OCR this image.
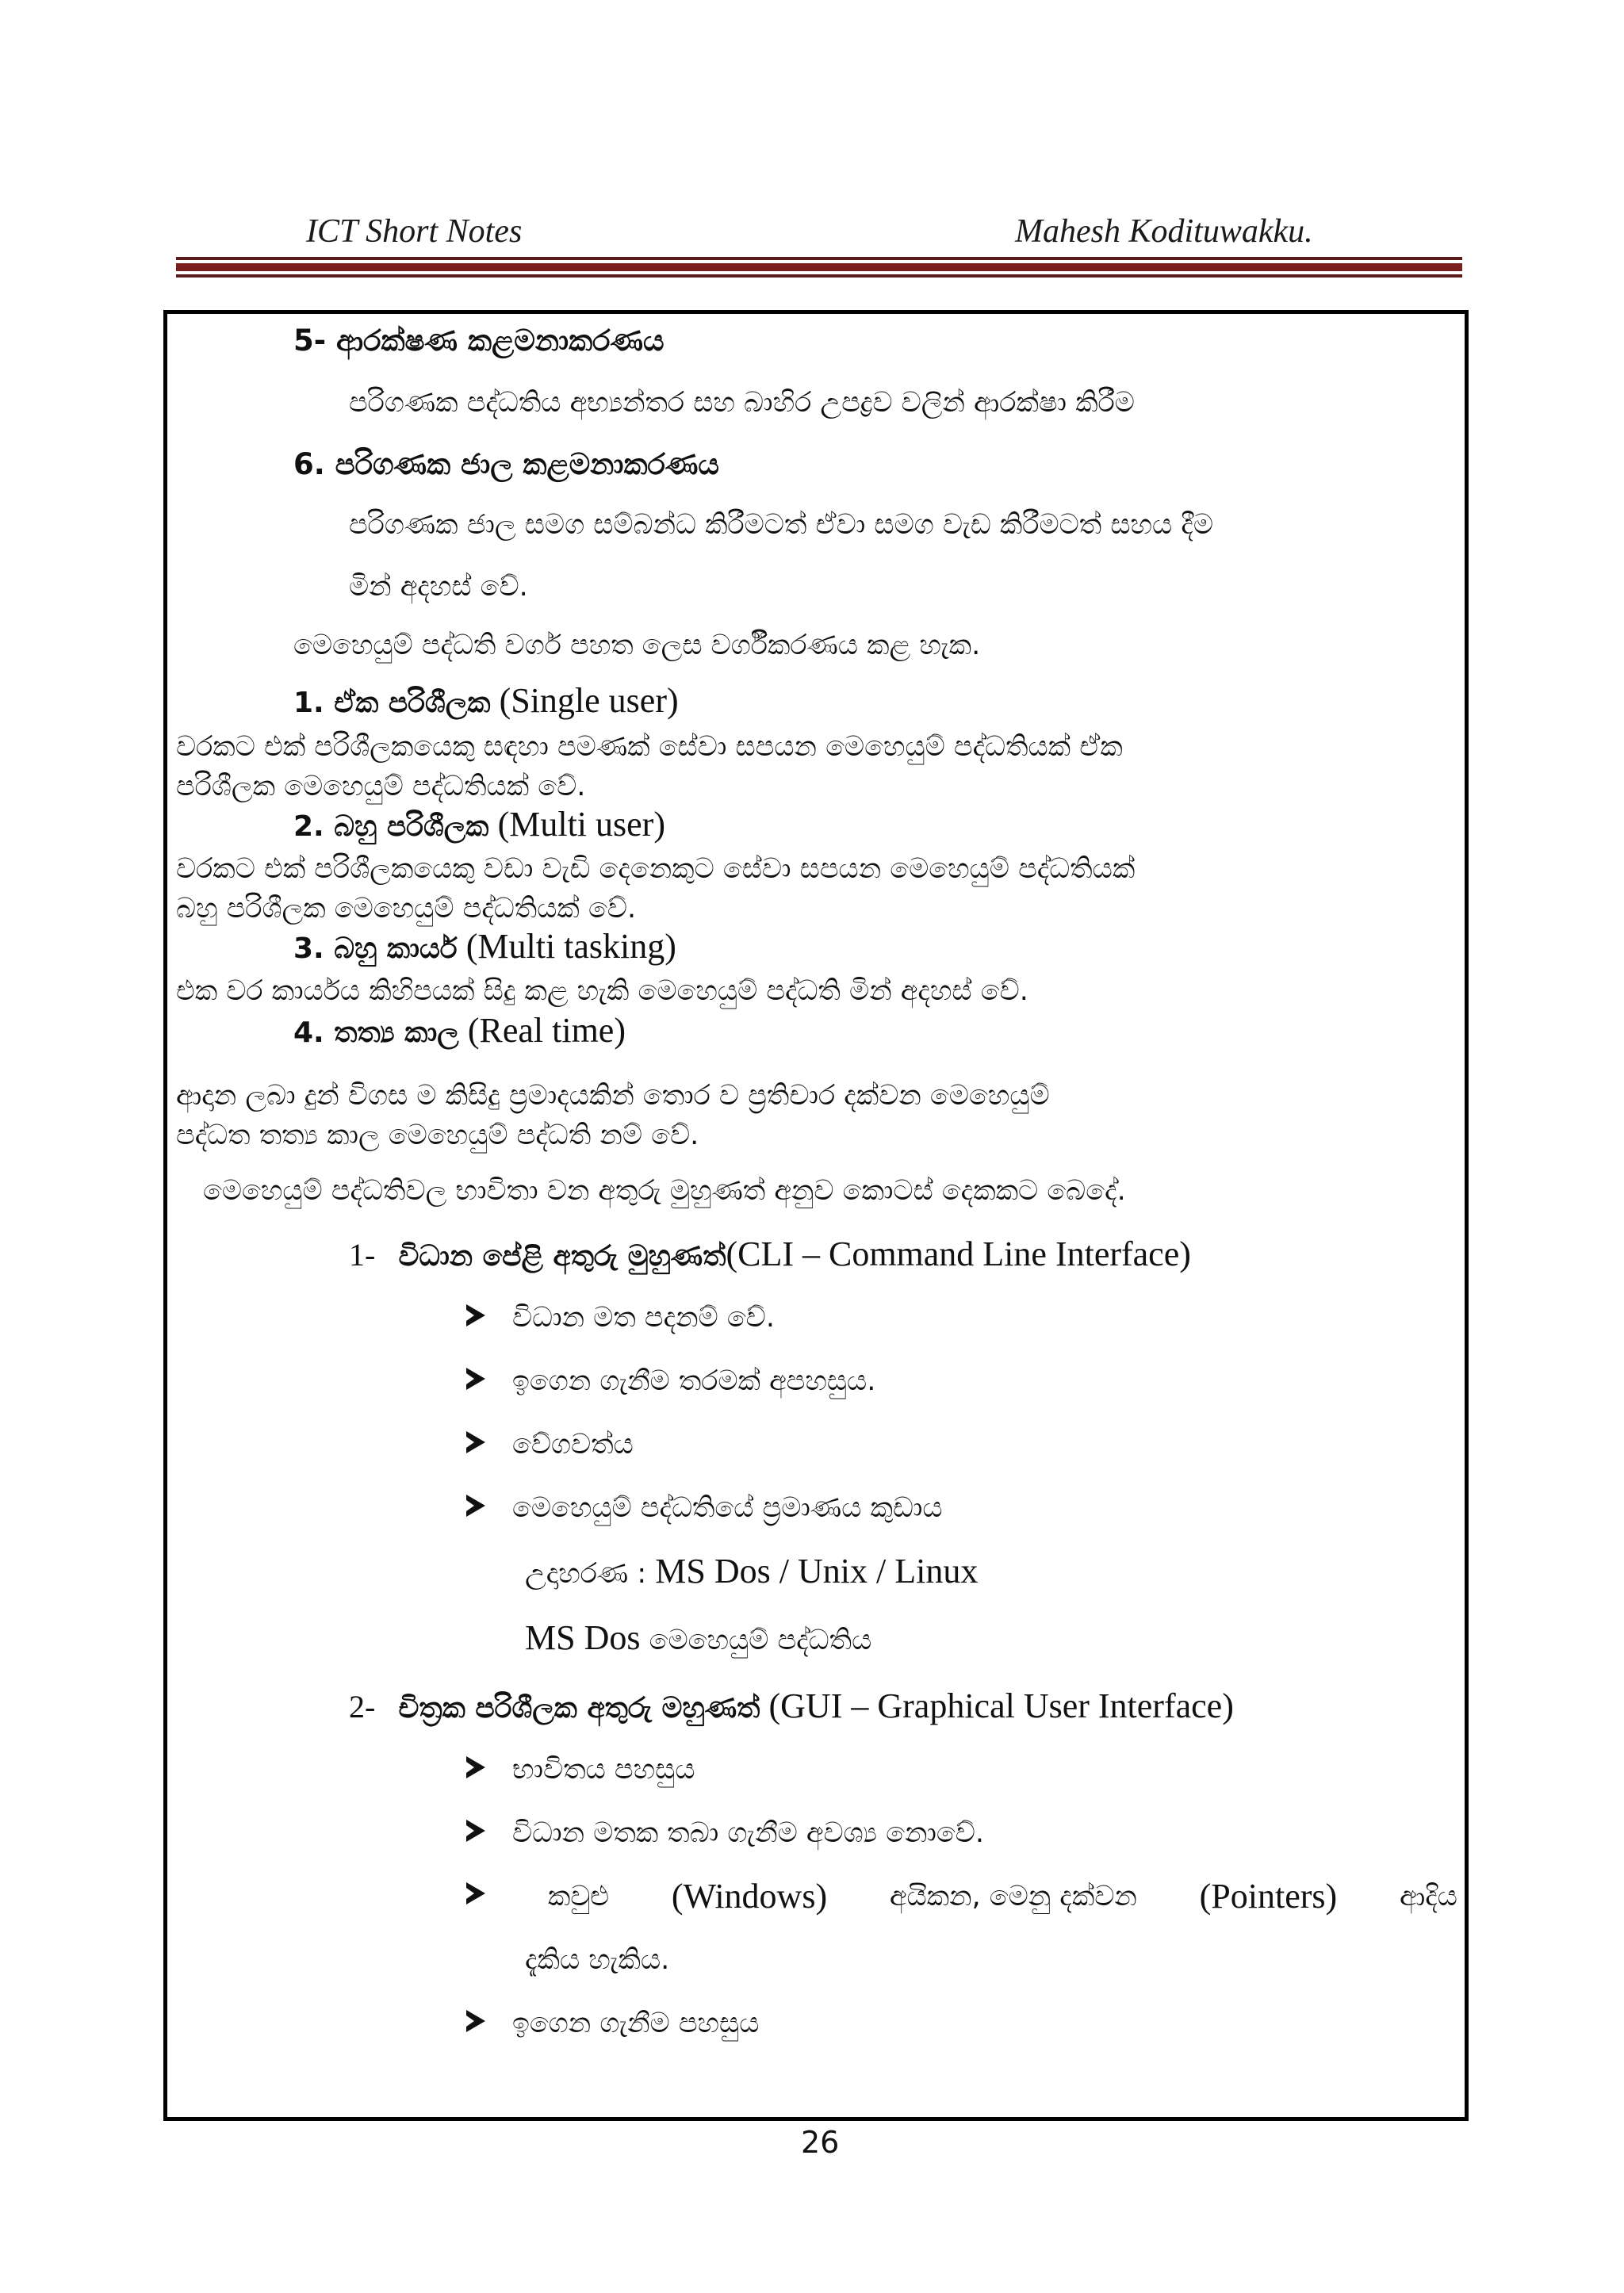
ICT Short Notes	Mahesh Kodituwakku.
5- ආරක්ෂණ කළමනාකරණය
පරිගණක පද්ධතිය අභ්‍යන්තර සහ බාහිර උපද්‍රව වලින් ආරක්ෂා කිරීම
6. පරිගණක ජාල කළමනාකරණය
පරිගණක ජාල සමග සම්බන්ධ කිරීමටත් ඒවා සමග වැඩ කිරීමටත් සහය දීම
මින් අදහස් වේ.
මෙහෙයුම් පද්ධති වර්ග පහත ලෙස වර්ගීකරණය කළ හැක.
1. ඒක පරිශීලක (Single user)
වරකට එක් පරිශීලකයෙකු සඳහා පමණක් සේවා සපයන මෙහෙයුම් පද්ධතියක් ඒක
පරිශීලක මෙහෙයුම් පද්ධතියක් වේ.
2. බහු පරිශීලක (Multi user)
වරකට එක් පරිශීලකයෙකු වඩා වැඩි දෙනෙකුට සේවා සපයන මෙහෙයුම් පද්ධතියක්
බහු පරිශීලක මෙහෙයුම් පද්ධතියක් වේ.
3. බහු කාර්ය (Multi tasking)
එක වර කාර්යය කිහිපයක් සිදු කළ හැකි මෙහෙයුම් පද්ධති මින් අදහස් වේ.
4. තත්‍ය කාල (Real time)
ආදාන ලබා දුන් විගස ම කිසිදු ප්‍රමාදයකින් තොර ව ප්‍රතිචාර දක්වන මෙහෙයුම්
පද්ධත තත්‍ය කාල මෙහෙයුම් පද්ධති නම් වේ.
මෙහෙයුම් පද්ධතිවල භාවිතා වන අතුරු මුහුණත් අනුව කොටස් දෙකකට බෙදේ.
1- විධාන පේළි අතුරු මුහුණත්(CLI – Command Line Interface)
විධාන මත පදනම් වේ.
ඉගෙන ගැනීම තරමක් අපහසුය.
වේගවත්ය
මෙහෙයුම් පද්ධතියේ ප්‍රමාණය කුඩාය
උදාහරණ : MS Dos / Unix / Linux
MS Dos මෙහෙයුම් පද්ධතිය
2- චිත්‍රක පරිශීලක අතුරු මහුණත් (GUI – Graphical User Interface)
භාවිතය පහසුය
විධාන මතක තබා ගැනීම අවශ්‍ය නොවේ.
කවුළු (Windows) අයිකන, මෙනු දක්වන (Pointers) ආදිය
දැකිය හැකිය.
ඉගෙන ගැනීම පහසුය
26
